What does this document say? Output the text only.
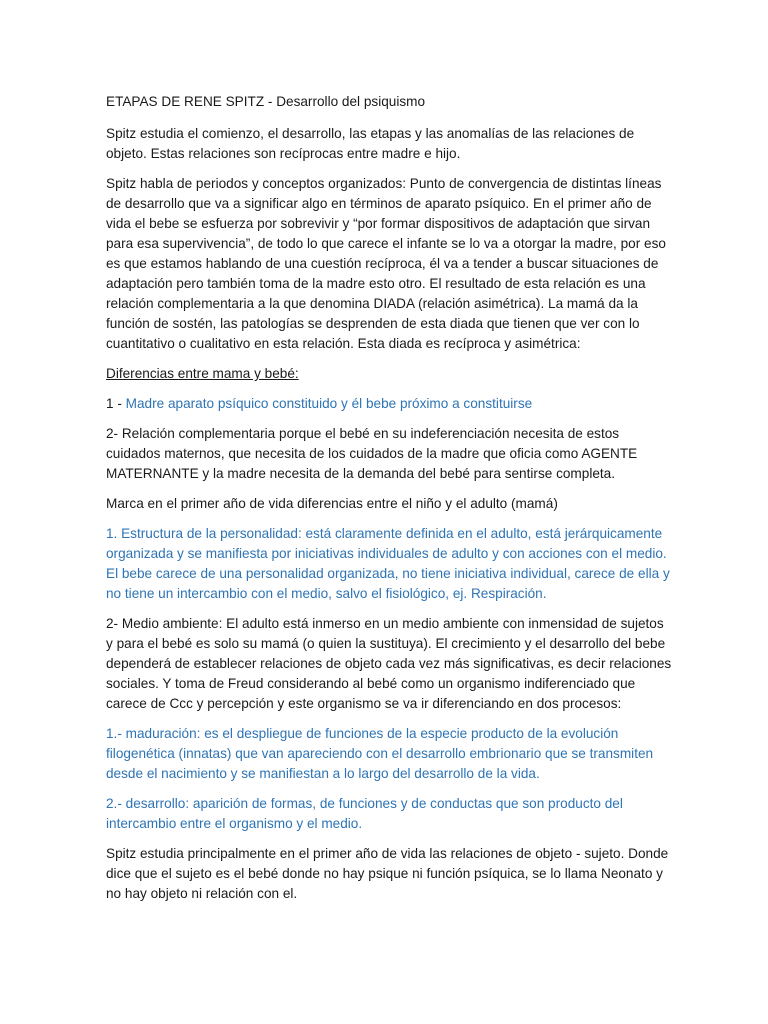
ETAPAS DE RENE SPITZ - Desarrollo del psiquismo

Spitz estudia el comienzo, el desarrollo, las etapas y las anomalías de las relaciones de objeto. Estas relaciones son recíprocas entre madre e hijo.

Spitz habla de periodos y conceptos organizados: Punto de convergencia de distintas líneas de desarrollo que va a significar algo en términos de aparato psíquico. En el primer año de vida el bebe se esfuerza por sobrevivir y “por formar dispositivos de adaptación que sirvan para esa supervivencia”, de todo lo que carece el infante se lo va a otorgar la madre, por eso es que estamos hablando de una cuestión recíproca, él va a tender a buscar situaciones de adaptación pero también toma de la madre esto otro. El resultado de esta relación es una relación complementaria a la que denomina DIADA (relación asimétrica). La mamá da la función de sostén, las patologías se desprenden de esta diada que tienen que ver con lo cuantitativo o cualitativo en esta relación. Esta diada es recíproca y asimétrica:

Diferencias entre mama y bebé:

1 - Madre aparato psíquico constituido y él bebe próximo a constituirse

2- Relación complementaria porque el bebé en su indeferenciación necesita de estos cuidados maternos, que necesita de los cuidados de la madre que oficia como AGENTE MATERNANTE y la madre necesita de la demanda del bebé para sentirse completa.

Marca en el primer año de vida diferencias entre el niño y el adulto (mamá)

1. Estructura de la personalidad: está claramente definida en el adulto, está jerárquicamente organizada y se manifiesta por iniciativas individuales de adulto y con acciones con el medio. El bebe carece de una personalidad organizada, no tiene iniciativa individual, carece de ella y no tiene un intercambio con el medio, salvo el fisiológico, ej. Respiración.

2- Medio ambiente: El adulto está inmerso en un medio ambiente con inmensidad de sujetos y para el bebé es solo su mamá (o quien la sustituya). El crecimiento y el desarrollo del bebe dependerá de establecer relaciones de objeto cada vez más significativas, es decir relaciones sociales. Y toma de Freud considerando al bebé como un organismo indiferenciado que carece de Ccc y percepción y este organismo se va ir diferenciando en dos procesos:

1.- maduración: es el despliegue de funciones de la especie producto de la evolución filogenética (innatas) que van apareciendo con el desarrollo embrionario que se transmiten desde el nacimiento y se manifiestan a lo largo del desarrollo de la vida.

2.- desarrollo: aparición de formas, de funciones y de conductas que son producto del intercambio entre el organismo y el medio.

Spitz estudia principalmente en el primer año de vida las relaciones de objeto - sujeto. Donde dice que el sujeto es el bebé donde no hay psique ni función psíquica, se lo llama Neonato y no hay objeto ni relación con el.
